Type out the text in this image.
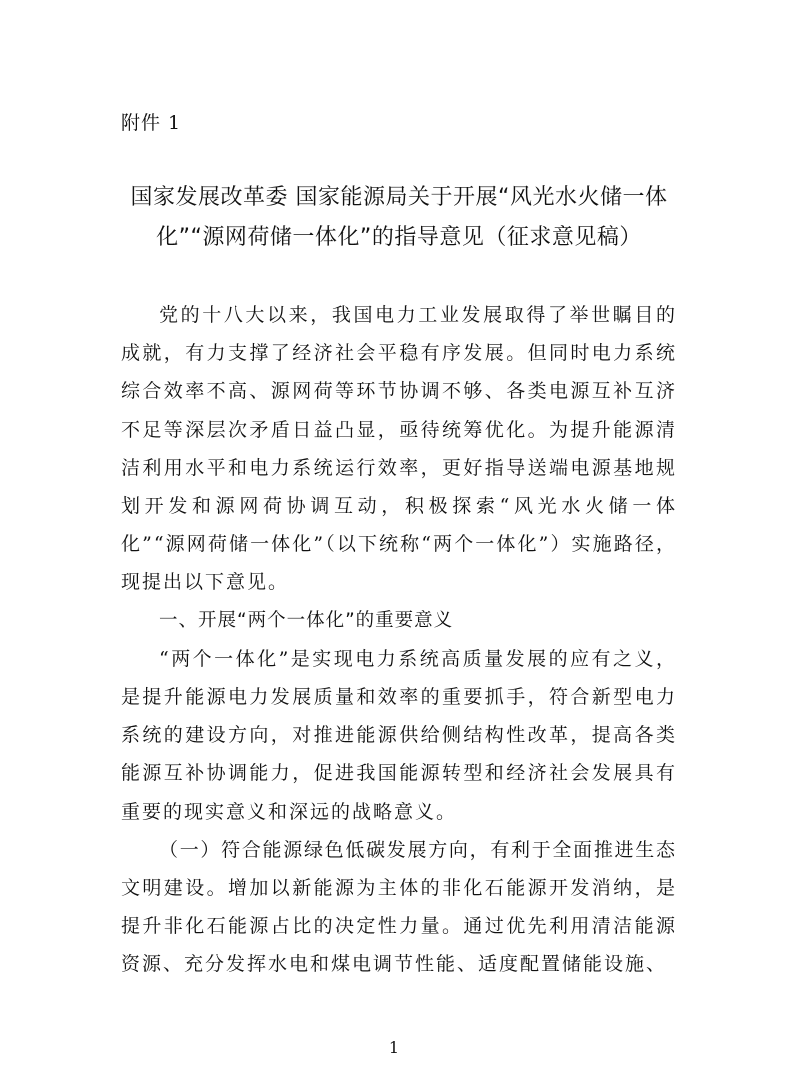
附件 1
国家发展改革委 国家能源局关于开展“风光水火储一体化”“源网荷储一体化”的指导意见（征求意见稿）

党的十八大以来，我国电力工业发展取得了举世瞩目的成就，有力支撑了经济社会平稳有序发展。但同时电力系统综合效率不高、源网荷等环节协调不够、各类电源互补互济不足等深层次矛盾日益凸显，亟待统筹优化。为提升能源清洁利用水平和电力系统运行效率，更好指导送端电源基地规划开发和源网荷协调互动，积极探索“风光水火储一体化”“源网荷储一体化”（以下统称“两个一体化”）实施路径，现提出以下意见。

一、开展“两个一体化”的重要意义

“两个一体化”是实现电力系统高质量发展的应有之义，是提升能源电力发展质量和效率的重要抓手，符合新型电力系统的建设方向，对推进能源供给侧结构性改革，提高各类能源互补协调能力，促进我国能源转型和经济社会发展具有重要的现实意义和深远的战略意义。

（一）符合能源绿色低碳发展方向，有利于全面推进生态文明建设。增加以新能源为主体的非化石能源开发消纳，是提升非化石能源占比的决定性力量。通过优先利用清洁能源资源、充分发挥水电和煤电调节性能、适度配置储能设施、

1
